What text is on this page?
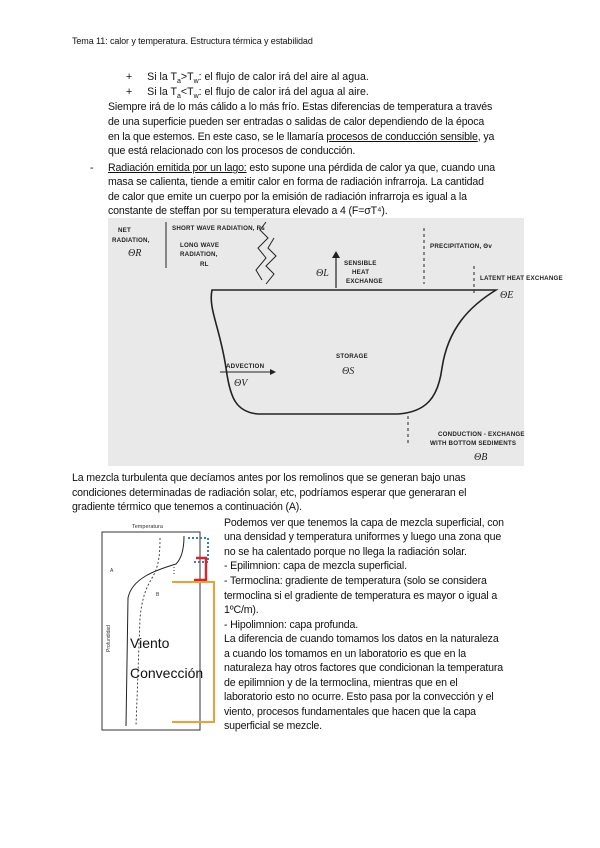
Tema 11: calor y temperatura. Estructura térmica y estabilidad
+ Si la $T_a>T_w$: el flujo de calor irá del aire al agua.
+ Si la $T_a<T_w$: el flujo de calor irá del agua al aire.
Siempre irá de lo más cálido a lo más frío. Estas diferencias de temperatura a través
de una superficie pueden ser entradas o salidas de calor dependiendo de la época
en la que estemos. En este caso, se le llamaría procesos de conducción sensible, ya
que está relacionado con los procesos de conducción.
- Radiación emitida por un lago: esto supone una pérdida de calor ya que, cuando una
masa se calienta, tiende a emitir calor en forma de radiación infrarroja. La cantidad
de calor que emite un cuerpo por la emisión de radiación infrarroja es igual a la
constante de steffan por su temperatura elevado a 4 (F=σT⁴).
NET
RADIATION,
ΘR
SHORT WAVE RADIATION, Rs
LONG WAVE
RADIATION,
RL
ΘL
SENSIBLE
HEAT
EXCHANGE
PRECIPITATION, Θv
LATENT HEAT EXCHANGE
ΘE
ADVECTION
ΘV
STORAGE
ΘS
CONDUCTION - EXCHANGE
WITH BOTTOM SEDIMENTS
ΘB
La mezcla turbulenta que decíamos antes por los remolinos que se generan bajo unas
condiciones determinadas de radiación solar, etc, podríamos esperar que generaran el
gradiente térmico que tenemos a continuación (A).
Temperatura
Profundidad
A
B
Viento
Convección
Podemos ver que tenemos la capa de mezcla superficial, con
una densidad y temperatura uniformes y luego una zona que
no se ha calentado porque no llega la radiación solar.
- Epilimnion: capa de mezcla superficial.
- Termoclina: gradiente de temperatura (solo se considera
termoclina si el gradiente de temperatura es mayor o igual a
1ºC/m).
- Hipolimnion: capa profunda.
La diferencia de cuando tomamos los datos en la naturaleza
a cuando los tomamos en un laboratorio es que en la
naturaleza hay otros factores que condicionan la temperatura
de epilimnion y de la termoclina, mientras que en el
laboratorio esto no ocurre. Esto pasa por la convección y el
viento, procesos fundamentales que hacen que la capa
superficial se mezcle.
